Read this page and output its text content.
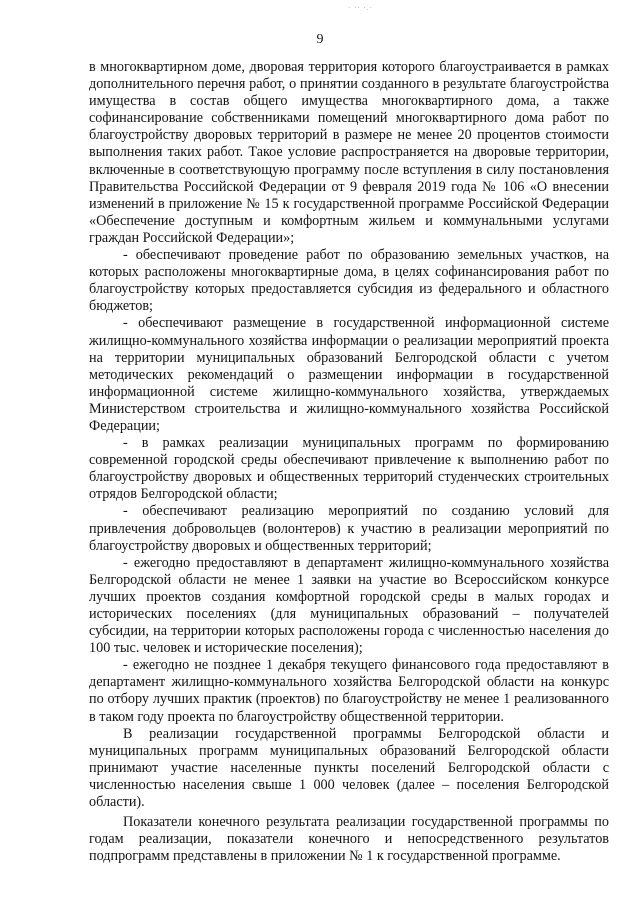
· ·· ·.·
9

в многоквартирном доме, дворовая территория которого благоустраивается в рамках дополнительного перечня работ, о принятии созданного в результате благоустройства имущества в состав общего имущества многоквартирного дома, а также софинансирование собственниками помещений многоквартирного дома работ по благоустройству дворовых территорий в размере не менее 20 процентов стоимости выполнения таких работ. Такое условие распространяется на дворовые территории, включенные в соответствующую программу после вступления в силу постановления Правительства Российской Федерации от 9 февраля 2019 года № 106 «О внесении изменений в приложение № 15 к государственной программе Российской Федерации «Обеспечение доступным и комфортным жильем и коммунальными услугами граждан Российской Федерации»;

- обеспечивают проведение работ по образованию земельных участков, на которых расположены многоквартирные дома, в целях софинансирования работ по благоустройству которых предоставляется субсидия из федерального и областного бюджетов;

- обеспечивают размещение в государственной информационной системе жилищно-коммунального хозяйства информации о реализации мероприятий проекта на территории муниципальных образований Белгородской области с учетом методических рекомендаций о размещении информации в государственной информационной системе жилищно-коммунального хозяйства, утверждаемых Министерством строительства и жилищно-коммунального хозяйства Российской Федерации;

- в рамках реализации муниципальных программ по формированию современной городской среды обеспечивают привлечение к выполнению работ по благоустройству дворовых и общественных территорий студенческих строительных отрядов Белгородской области;

- обеспечивают реализацию мероприятий по созданию условий для привлечения добровольцев (волонтеров) к участию в реализации мероприятий по благоустройству дворовых и общественных территорий;

- ежегодно предоставляют в департамент жилищно-коммунального хозяйства Белгородской области не менее 1 заявки на участие во Всероссийском конкурсе лучших проектов создания комфортной городской среды в малых городах и исторических поселениях (для муниципальных образований – получателей субсидии, на территории которых расположены города с численностью населения до 100 тыс. человек и исторические поселения);

- ежегодно не позднее 1 декабря текущего финансового года предоставляют в департамент жилищно-коммунального хозяйства Белгородской области на конкурс по отбору лучших практик (проектов) по благоустройству не менее 1 реализованного в таком году проекта по благоустройству общественной территории.

В реализации государственной программы Белгородской области и муниципальных программ муниципальных образований Белгородской области принимают участие населенные пункты поселений Белгородской области с численностью населения свыше 1 000 человек (далее – поселения Белгородской области).

Показатели конечного результата реализации государственной программы по годам реализации, показатели конечного и непосредственного результатов подпрограмм представлены в приложении № 1 к государственной программе.
